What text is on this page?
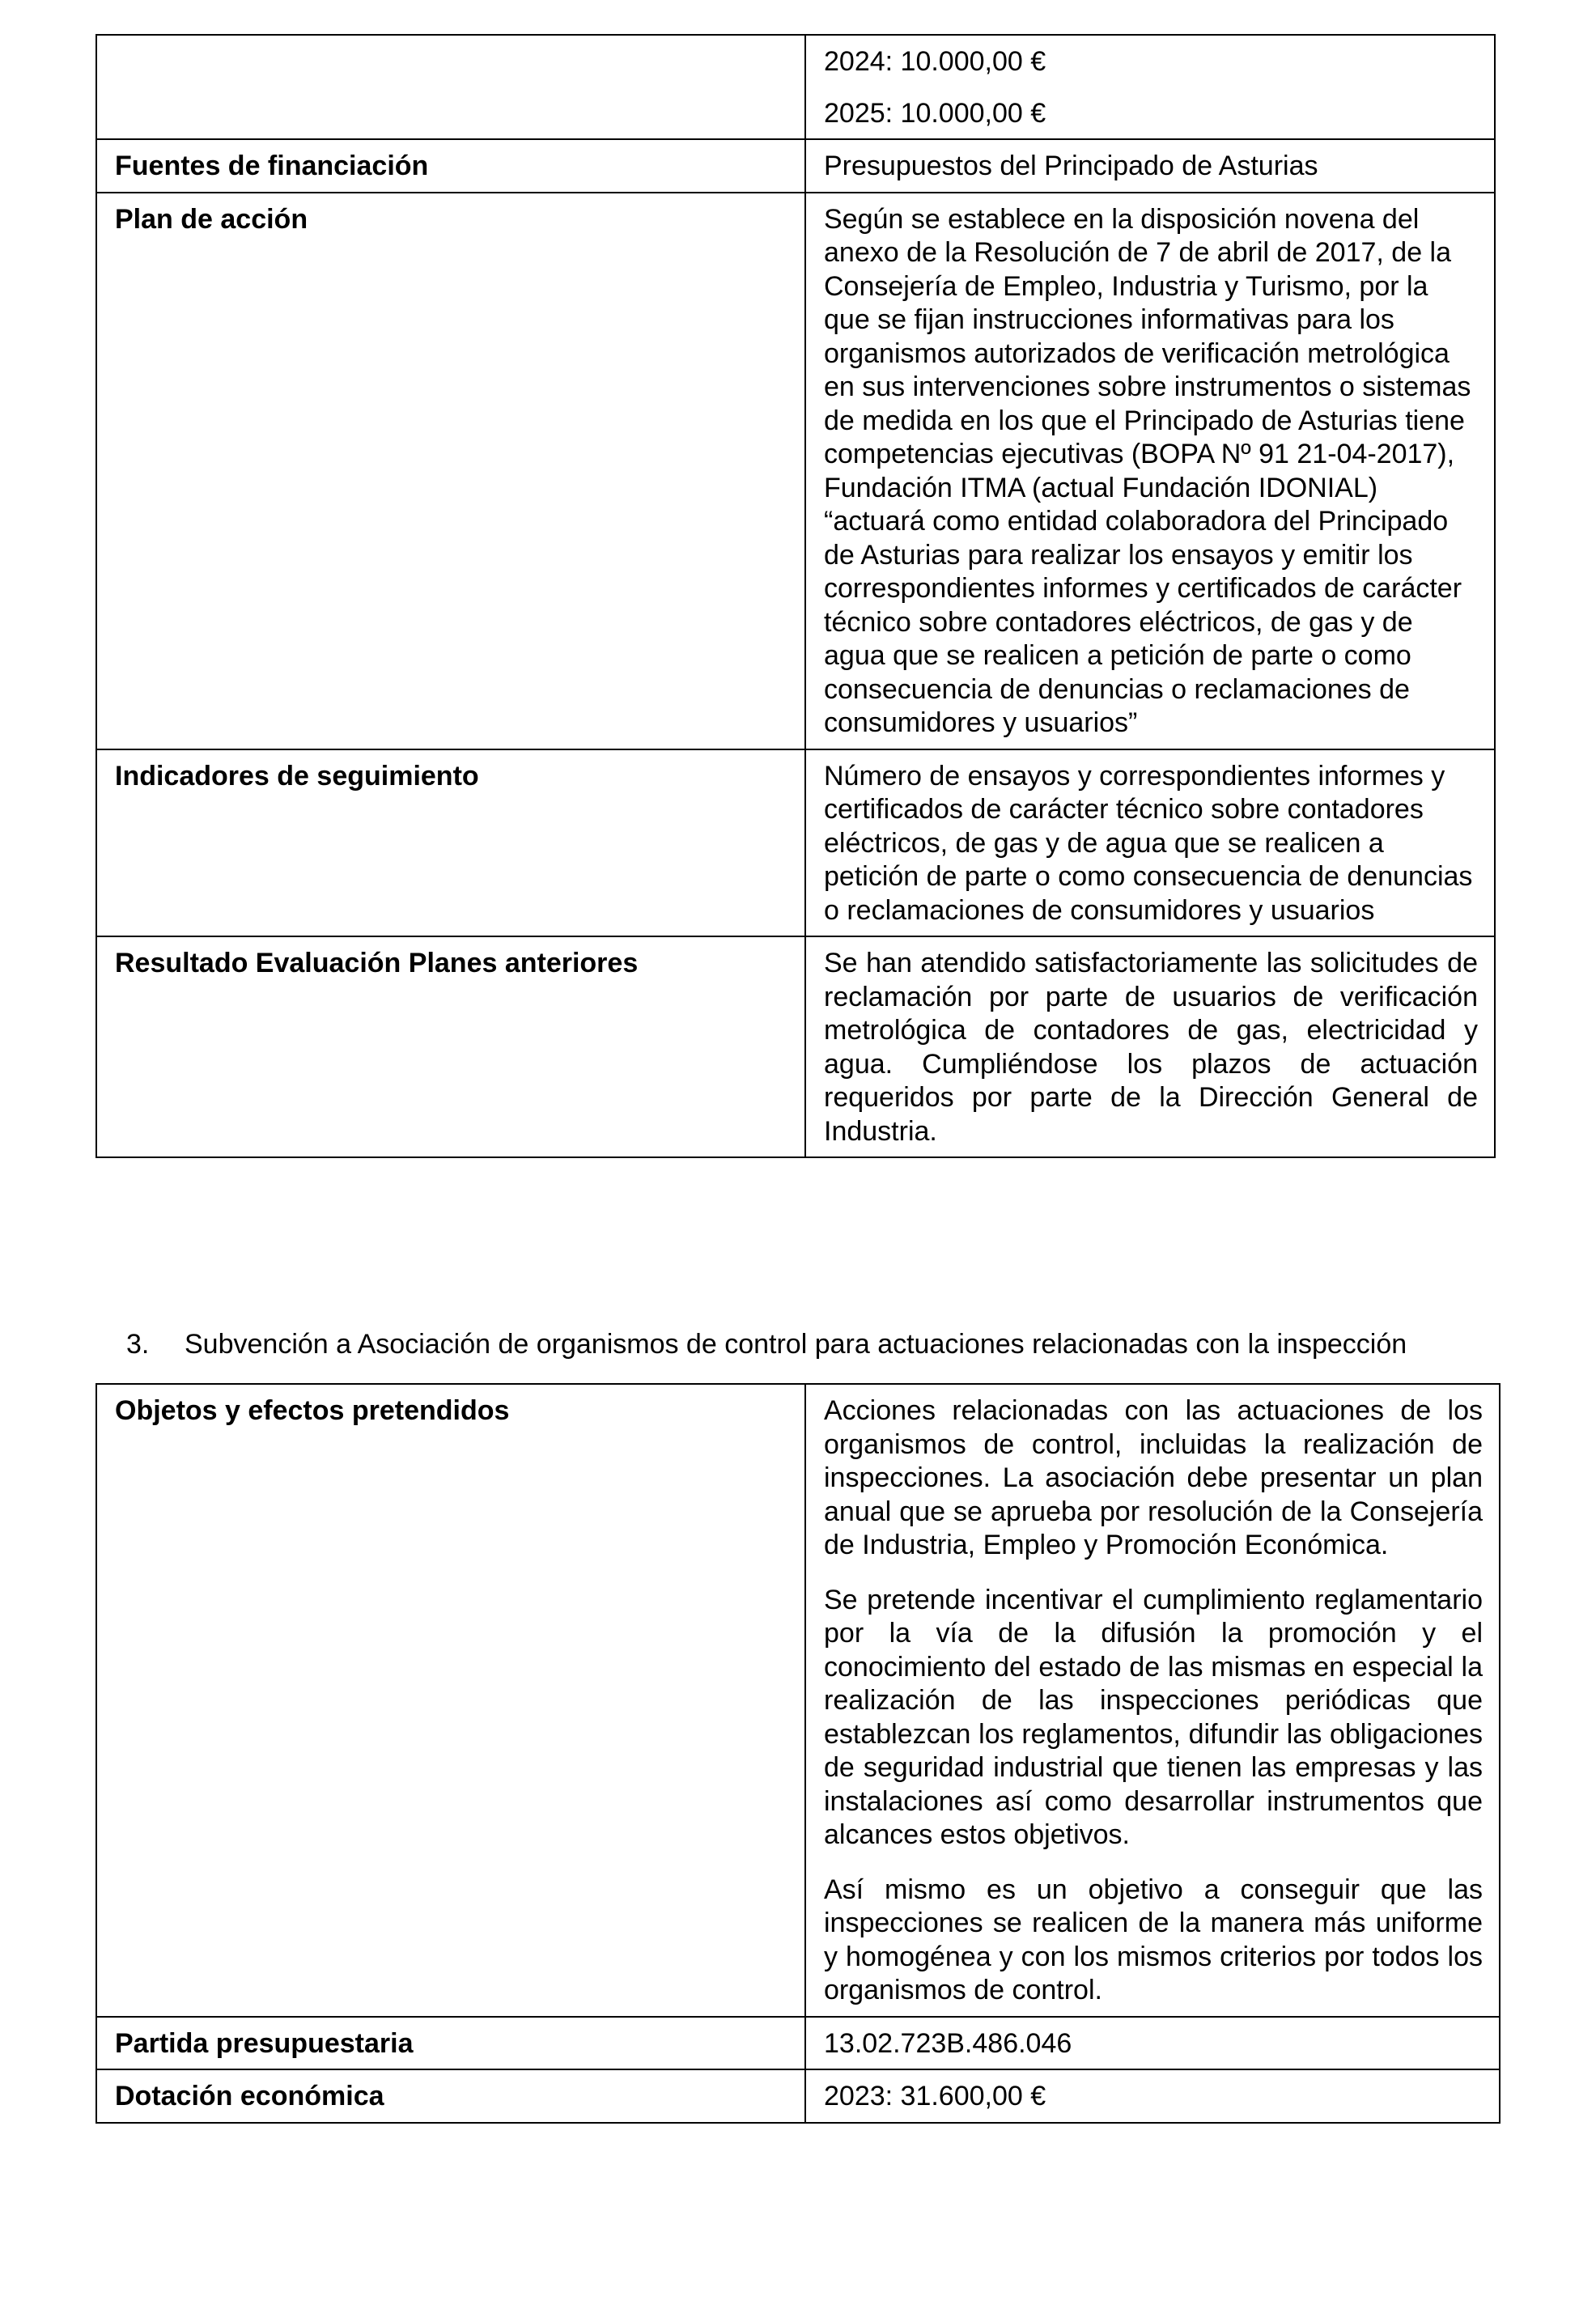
	2024: 10.000,00 €

2025: 10.000,00 €

Fuentes de financiación	Presupuestos del Principado de Asturias
Plan de acción	Según se establece en la disposición novena del anexo de la Resolución de 7 de abril de 2017, de la Consejería de Empleo, Industria y Turismo, por la que se fijan instrucciones informativas para los organismos autorizados de verificación metrológica en sus intervenciones sobre instrumentos o sistemas de medida en los que el Principado de Asturias tiene competencias ejecutivas (BOPA Nº 91 21-04-2017), Fundación ITMA (actual Fundación IDONIAL) “actuará como entidad colaboradora del Principado de Asturias para realizar los ensayos y emitir los correspondientes informes y certificados de carácter técnico sobre contadores eléctricos, de gas y de agua que se realicen a petición de parte o como consecuencia de denuncias o reclamaciones de consumidores y usuarios”
Indicadores de seguimiento	Número de ensayos y correspondientes informes y certificados de carácter técnico sobre contadores eléctricos, de gas y de agua que se realicen a petición de parte o como consecuencia de denuncias o reclamaciones de consumidores y usuarios
Resultado Evaluación Planes anteriores	Se han atendido satisfactoriamente las solicitudes de reclamación por parte de usuarios de verificación metrológica de contadores de gas, electricidad y agua. Cumpliéndose los plazos de actuación requeridos por parte de la Dirección General de Industria.
3. Subvención a Asociación de organismos de control para actuaciones relacionadas con la inspección
Objetos y efectos pretendidos	Acciones relacionadas con las actuaciones de los organismos de control, incluidas la realización de inspecciones. La asociación debe presentar un plan anual que se aprueba por resolución de la Consejería de Industria, Empleo y Promoción Económica.

Se pretende incentivar el cumplimiento reglamentario por la vía de la difusión la promoción y el conocimiento del estado de las mismas en especial la realización de las inspecciones periódicas que establezcan los reglamentos, difundir las obligaciones de seguridad industrial que tienen las empresas y las instalaciones así como desarrollar instrumentos que alcances estos objetivos.

Así mismo es un objetivo a conseguir que las inspecciones se realicen de la manera más uniforme y homogénea y con los mismos criterios por todos los organismos de control.

Partida presupuestaria	13.02.723B.486.046
Dotación económica	2023: 31.600,00 €
